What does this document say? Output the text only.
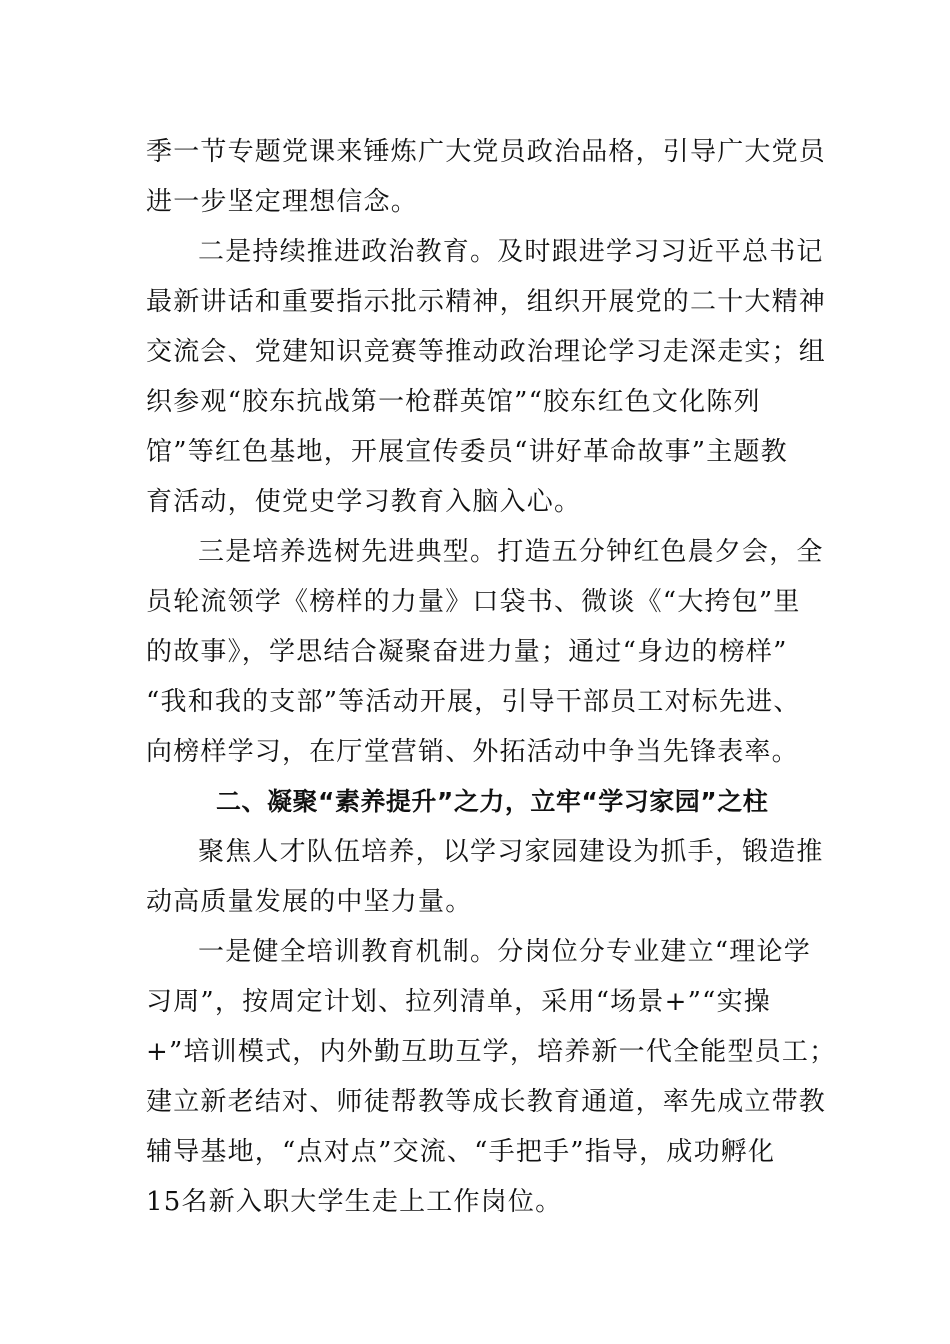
季一节专题党课来锤炼广大党员政治品格，引导广大党员
进一步坚定理想信念。
二是持续推进政治教育。及时跟进学习习近平总书记
最新讲话和重要指示批示精神，组织开展党的二十大精神
交流会、党建知识竞赛等推动政治理论学习走深走实；组
织参观“胶东抗战第一枪群英馆”“胶东红色文化陈列
馆”等红色基地，开展宣传委员“讲好革命故事”主题教
育活动，使党史学习教育入脑入心。
三是培养选树先进典型。打造五分钟红色晨夕会，全
员轮流领学《榜样的力量》口袋书、微谈《“大挎包”里
的故事》，学思结合凝聚奋进力量；通过“身边的榜样”
“我和我的支部”等活动开展，引导干部员工对标先进、
向榜样学习，在厅堂营销、外拓活动中争当先锋表率。
二、凝聚“素养提升”之力，立牢“学习家园”之柱
聚焦人才队伍培养，以学习家园建设为抓手，锻造推
动高质量发展的中坚力量。
一是健全培训教育机制。分岗位分专业建立“理论学
习周”，按周定计划、拉列清单，采用“场景+”“实操
+”培训模式，内外勤互助互学，培养新一代全能型员工；
建立新老结对、师徒帮教等成长教育通道，率先成立带教
辅导基地，“点对点”交流、“手把手”指导，成功孵化
15名新入职大学生走上工作岗位。
